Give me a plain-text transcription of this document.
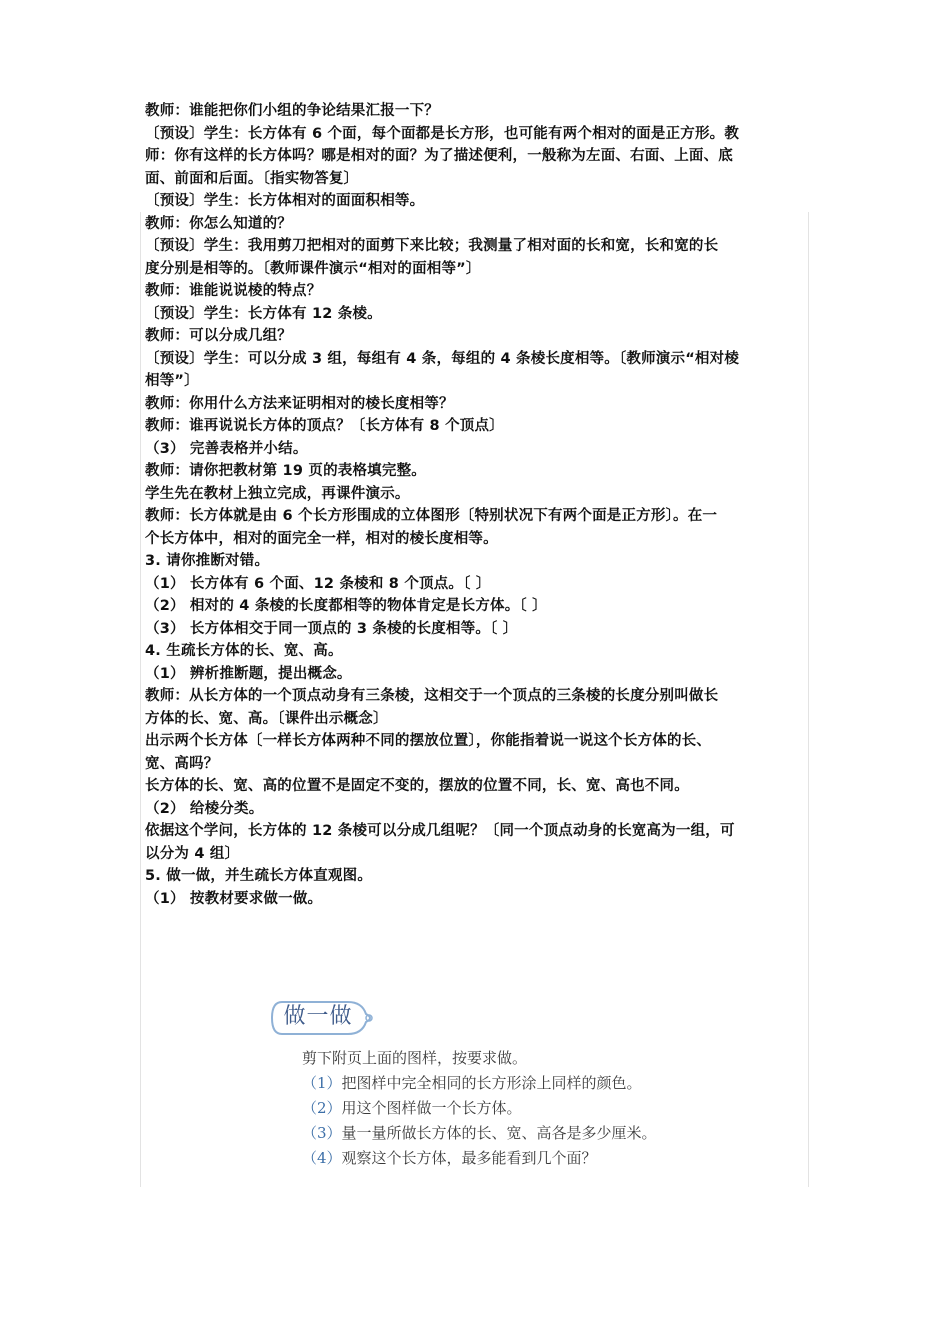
教师：谁能把你们小组的争论结果汇报一下？
〔预设〕学生：长方体有 6 个面，每个面都是长方形，也可能有两个相对的面是正方形。教
师：你有这样的长方体吗？哪是相对的面？为了描述便利，一般称为左面、右面、上面、底
面、前面和后面。〔指实物答复〕
〔预设〕学生：长方体相对的面面积相等。
教师：你怎么知道的？
〔预设〕学生：我用剪刀把相对的面剪下来比较；我测量了相对面的长和宽，长和宽的长
度分别是相等的。〔教师课件演示“相对的面相等”〕
教师：谁能说说棱的特点？
〔预设〕学生：长方体有 12 条棱。
教师：可以分成几组？
〔预设〕学生：可以分成 3 组，每组有 4 条，每组的 4 条棱长度相等。〔教师演示“相对棱
相等”〕
教师：你用什么方法来证明相对的棱长度相等？
教师：谁再说说长方体的顶点？〔长方体有 8 个顶点〕
（3） 完善表格并小结。
教师：请你把教材第 19 页的表格填完整。
学生先在教材上独立完成，再课件演示。
教师：长方体就是由 6 个长方形围成的立体图形〔特别状况下有两个面是正方形〕。在一
个长方体中，相对的面完全一样，相对的棱长度相等。
3. 请你推断对错。
（1） 长方体有 6 个面、12 条棱和 8 个顶点。〔 〕
（2） 相对的 4 条棱的长度都相等的物体肯定是长方体。〔 〕
（3） 长方体相交于同一顶点的 3 条棱的长度相等。〔 〕
4. 生疏长方体的长、宽、高。
（1） 辨析推断题，提出概念。
教师：从长方体的一个顶点动身有三条棱，这相交于一个顶点的三条棱的长度分别叫做长
方体的长、宽、高。〔课件出示概念〕
出示两个长方体〔一样长方体两种不同的摆放位置〕，你能指着说一说这个长方体的长、
宽、高吗？
长方体的长、宽、高的位置不是固定不变的，摆放的位置不同，长、宽、高也不同。
（2） 给棱分类。
依据这个学问，长方体的 12 条棱可以分成几组呢？〔同一个顶点动身的长宽高为一组，可
以分为 4 组〕
5. 做一做，并生疏长方体直观图。
（1） 按教材要求做一做。
做一做
剪下附页上面的图样，按要求做。
（1）把图样中完全相同的长方形涂上同样的颜色。
（2）用这个图样做一个长方体。
（3）量一量所做长方体的长、宽、高各是多少厘米。
（4）观察这个长方体，最多能看到几个面？
